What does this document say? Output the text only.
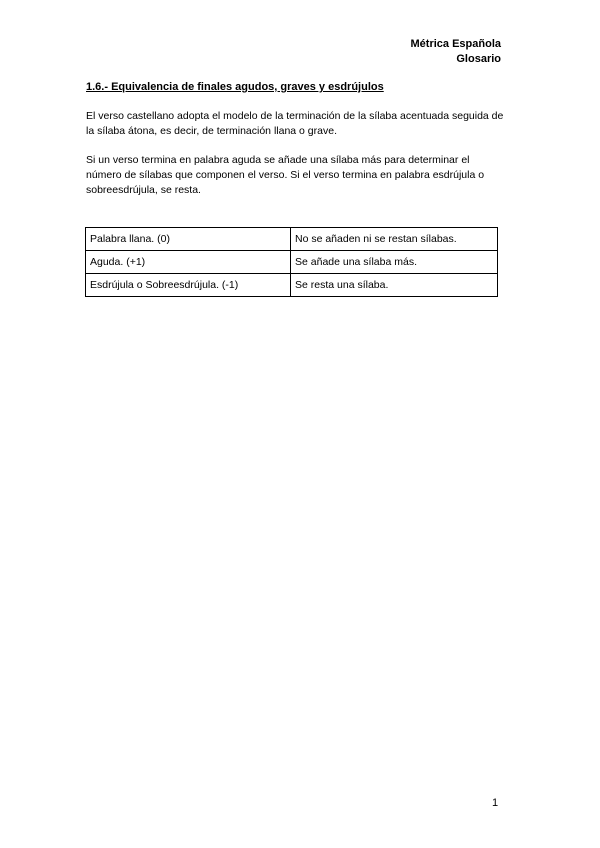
Métrica Española
Glosario
1.6.- Equivalencia de finales agudos, graves y esdrújulos

El verso castellano adopta el modelo de la terminación de la sílaba acentuada seguida de la sílaba átona, es decir, de terminación llana o grave.

Si un verso termina en palabra aguda se añade una sílaba más para determinar el número de sílabas que componen el verso. Si el verso termina en palabra esdrújula o sobreesdrújula, se resta.

Palabra llana. (0)	No se añaden ni se restan sílabas.
Aguda. (+1)	Se añade una sílaba más.
Esdrújula o Sobreesdrújula. (-1)	Se resta una sílaba.
1
